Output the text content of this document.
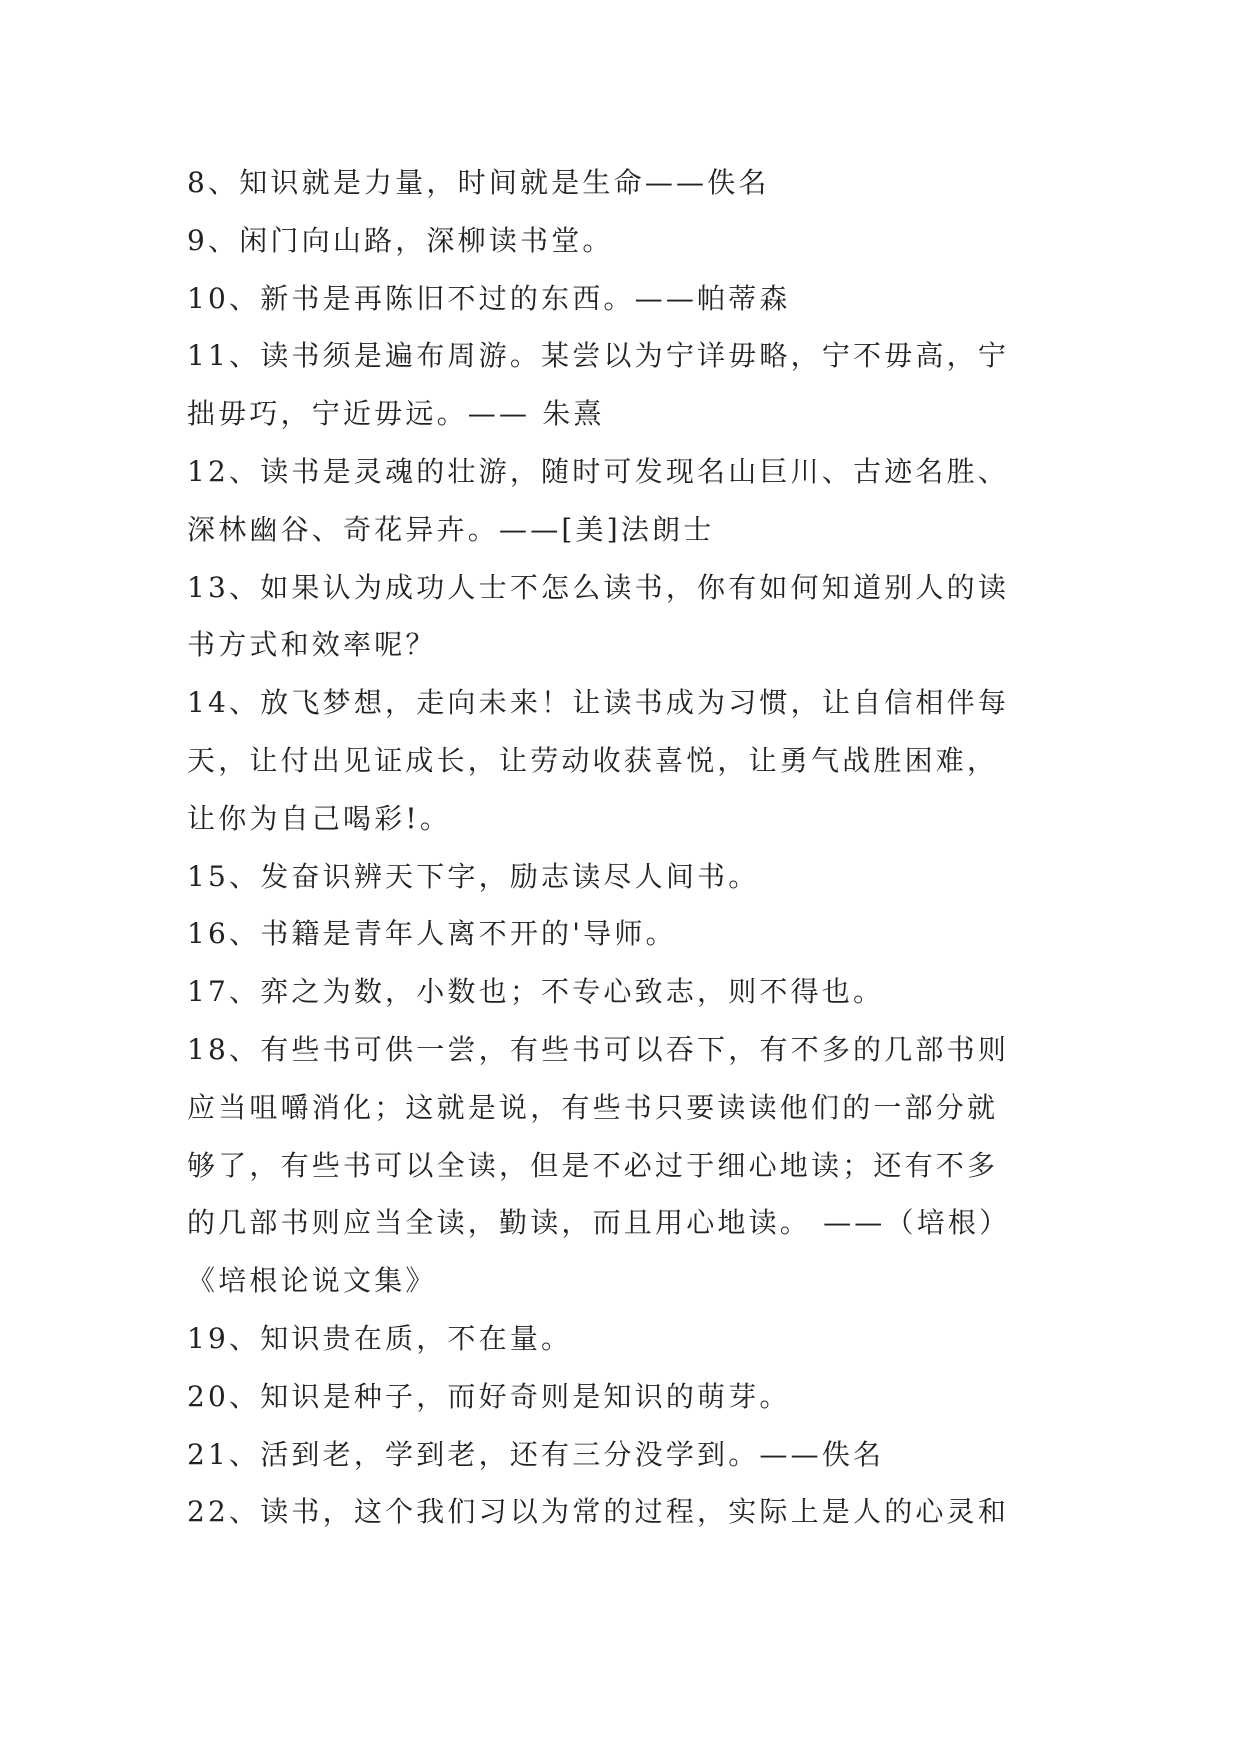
8、知识就是力量，时间就是生命——佚名
9、闲门向山路，深柳读书堂。
10、新书是再陈旧不过的东西。——帕蒂森
11、读书须是遍布周游。某尝以为宁详毋略，宁不毋高，宁
拙毋巧，宁近毋远。—— 朱熹
12、读书是灵魂的壮游，随时可发现名山巨川、古迹名胜、
深林幽谷、奇花异卉。——[美]法朗士
13、如果认为成功人士不怎么读书，你有如何知道别人的读
书方式和效率呢？
14、放飞梦想，走向未来！让读书成为习惯，让自信相伴每
天，让付出见证成长，让劳动收获喜悦，让勇气战胜困难，
让你为自己喝彩!。
15、发奋识辨天下字，励志读尽人间书。
16、书籍是青年人离不开的'导师。
17、弈之为数，小数也；不专心致志，则不得也。
18、有些书可供一尝，有些书可以吞下，有不多的几部书则
应当咀嚼消化；这就是说，有些书只要读读他们的一部分就
够了，有些书可以全读，但是不必过于细心地读；还有不多
的几部书则应当全读，勤读，而且用心地读。 ——（培根）
《培根论说文集》
19、知识贵在质，不在量。
20、知识是种子，而好奇则是知识的萌芽。
21、活到老，学到老，还有三分没学到。——佚名
22、读书，这个我们习以为常的过程，实际上是人的心灵和
